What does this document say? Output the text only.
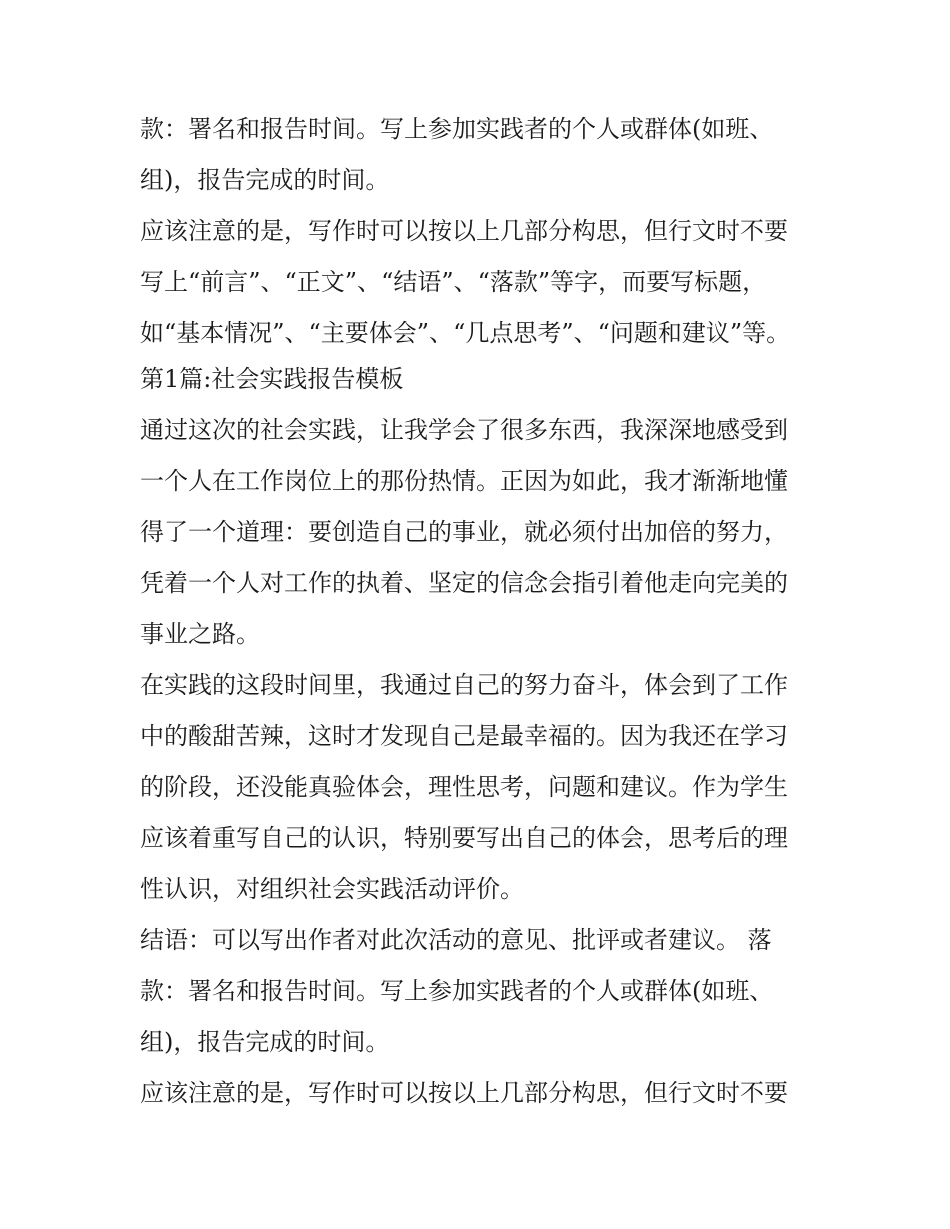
款：署名和报告时间。写上参加实践者的个人或群体(如班、
组)，报告完成的时间。
应该注意的是，写作时可以按以上几部分构思，但行文时不要
写上“前言”、“正文”、“结语”、“落款”等字，而要写标题，
如“基本情况”、“主要体会”、“几点思考”、“问题和建议”等。
第1篇:社会实践报告模板
通过这次的社会实践，让我学会了很多东西，我深深地感受到
一个人在工作岗位上的那份热情。正因为如此，我才渐渐地懂
得了一个道理：要创造自己的事业，就必须付出加倍的努力，
凭着一个人对工作的执着、坚定的信念会指引着他走向完美的
事业之路。
在实践的这段时间里，我通过自己的努力奋斗，体会到了工作
中的酸甜苦辣，这时才发现自己是最幸福的。因为我还在学习
的阶段，还没能真验体会，理性思考，问题和建议。作为学生
应该着重写自己的认识，特别要写出自己的体会，思考后的理
性认识，对组织社会实践活动评价。
结语：可以写出作者对此次活动的意见、批评或者建议。 落
款：署名和报告时间。写上参加实践者的个人或群体(如班、
组)，报告完成的时间。
应该注意的是，写作时可以按以上几部分构思，但行文时不要
